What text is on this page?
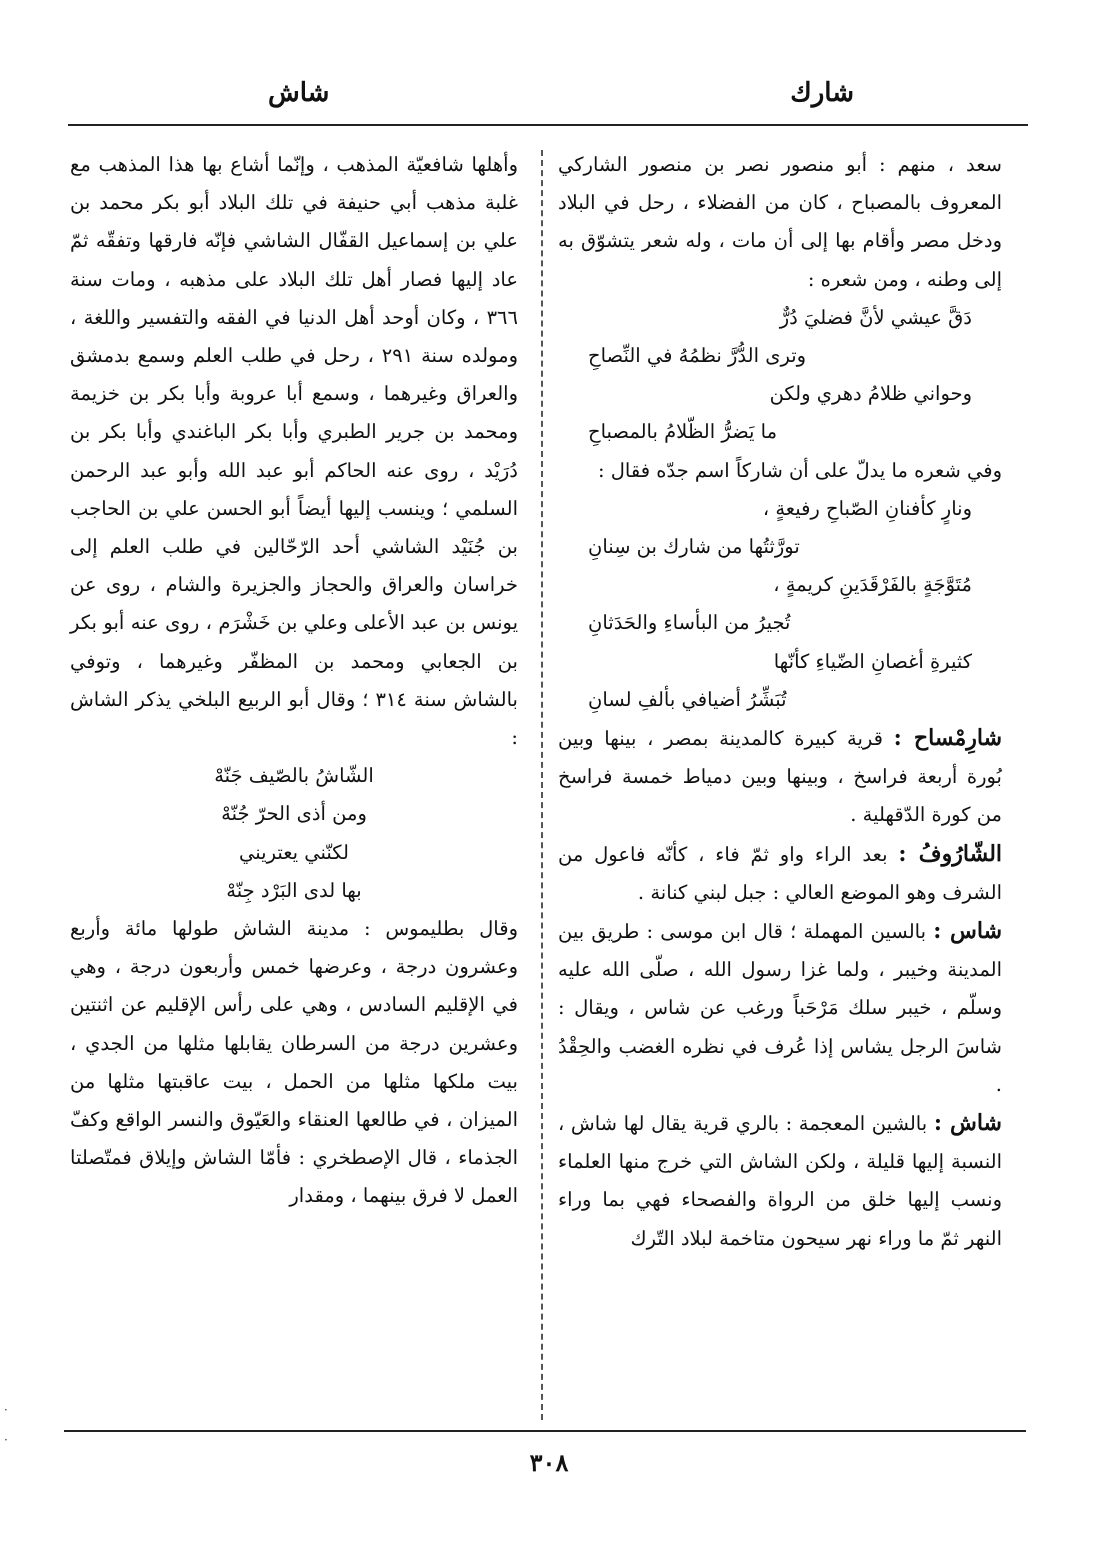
شارك
شاش

سعد ، منهم : أبو منصور نصر بن منصور الشاركي المعروف بالمصباح ، كان من الفضلاء ، رحل في البلاد ودخل مصر وأقام بها إلى أن مات ، وله شعر يتشوّق به إلى وطنه ، ومن شعره :

دَقَّ عيشي لأنَّ فضليَ دُرٌّ
وترى الدُّرَّ نظمُهُ في النِّصاحِ
وحواني ظلامُ دهري ولكن
ما يَضرُّ الظّلامُ بالمصباحِ

وفي شعره ما يدلّ على أن شاركاً اسم جدّه فقال :

ونارٍ كأفنانِ الصّباحِ رفيعةٍ ،
تورَّثتُها من شارك بن سِنانِ
مُتَوَّجَةٍ بالفَرْقَدَينِ كريمةٍ ،
تُجيرُ من البأساءِ والحَدَثانِ
كثيرةِ أغصانِ الضّياءِ كأنّها
تُبَشِّرُ أضيافي بألفِ لسانِ

شارِمْساح : قرية كبيرة كالمدينة بمصر ، بينها وبين بُورة أربعة فراسخ ، وبينها وبين دمياط خمسة فراسخ من كورة الدّقهلية .

الشّارُوفُ : بعد الراء واو ثمّ فاء ، كأنّه فاعول من الشرف وهو الموضع العالي : جبل لبني كنانة .

شاس : بالسين المهملة ؛ قال ابن موسى : طريق بين المدينة وخيبر ، ولما غزا رسول الله ، صلّى الله عليه وسلّم ، خيبر سلك مَرْحَباً ورغب عن شاس ، ويقال : شاسَ الرجل يشاس إذا عُرف في نظره الغضب والحِقْدُ .

شاش : بالشين المعجمة : بالري قرية يقال لها شاش ، النسبة إليها قليلة ، ولكن الشاش التي خرج منها العلماء ونسب إليها خلق من الرواة والفصحاء فهي بما وراء النهر ثمّ ما وراء نهر سيحون متاخمة لبلاد التّرك

وأهلها شافعيّة المذهب ، وإنّما أشاع بها هذا المذهب مع غلبة مذهب أبي حنيفة في تلك البلاد أبو بكر محمد بن علي بن إسماعيل القفّال الشاشي فإنّه فارقها وتفقّه ثمّ عاد إليها فصار أهل تلك البلاد على مذهبه ، ومات سنة ٣٦٦ ، وكان أوحد أهل الدنيا في الفقه والتفسير واللغة ، ومولده سنة ٢٩١ ، رحل في طلب العلم وسمع بدمشق والعراق وغيرهما ، وسمع أبا عروبة وأبا بكر بن خزيمة ومحمد بن جرير الطبري وأبا بكر الباغندي وأبا بكر بن دُرَيْد ، روى عنه الحاكم أبو عبد الله وأبو عبد الرحمن السلمي ؛ وينسب إليها أيضاً أبو الحسن علي بن الحاجب بن جُنَيْد الشاشي أحد الرّحّالين في طلب العلم إلى خراسان والعراق والحجاز والجزيرة والشام ، روى عن يونس بن عبد الأعلى وعلي بن خَشْرَم ، روى عنه أبو بكر بن الجعابي ومحمد بن المظفّر وغيرهما ، وتوفي بالشاش سنة ٣١٤ ؛ وقال أبو الربيع البلخي يذكر الشاش :

الشّاشُ بالصّيف جَنّهْ
ومن أذى الحرّ جُنّهْ
لكنّني يعتريني
بها لدى البَرْد جِنّهْ

وقال بطليموس : مدينة الشاش طولها مائة وأربع وعشرون درجة ، وعرضها خمس وأربعون درجة ، وهي في الإقليم السادس ، وهي على رأس الإقليم عن اثنتين وعشرين درجة من السرطان يقابلها مثلها من الجدي ، بيت ملكها مثلها من الحمل ، بيت عاقبتها مثلها من الميزان ، في طالعها العنقاء والعَيّوق والنسر الواقع وكفّ الجذماء ، قال الإصطخري : فأمّا الشاش وإيلاق فمتّصلتا العمل لا فرق بينهما ، ومقدار

٣٠٨
·
·
